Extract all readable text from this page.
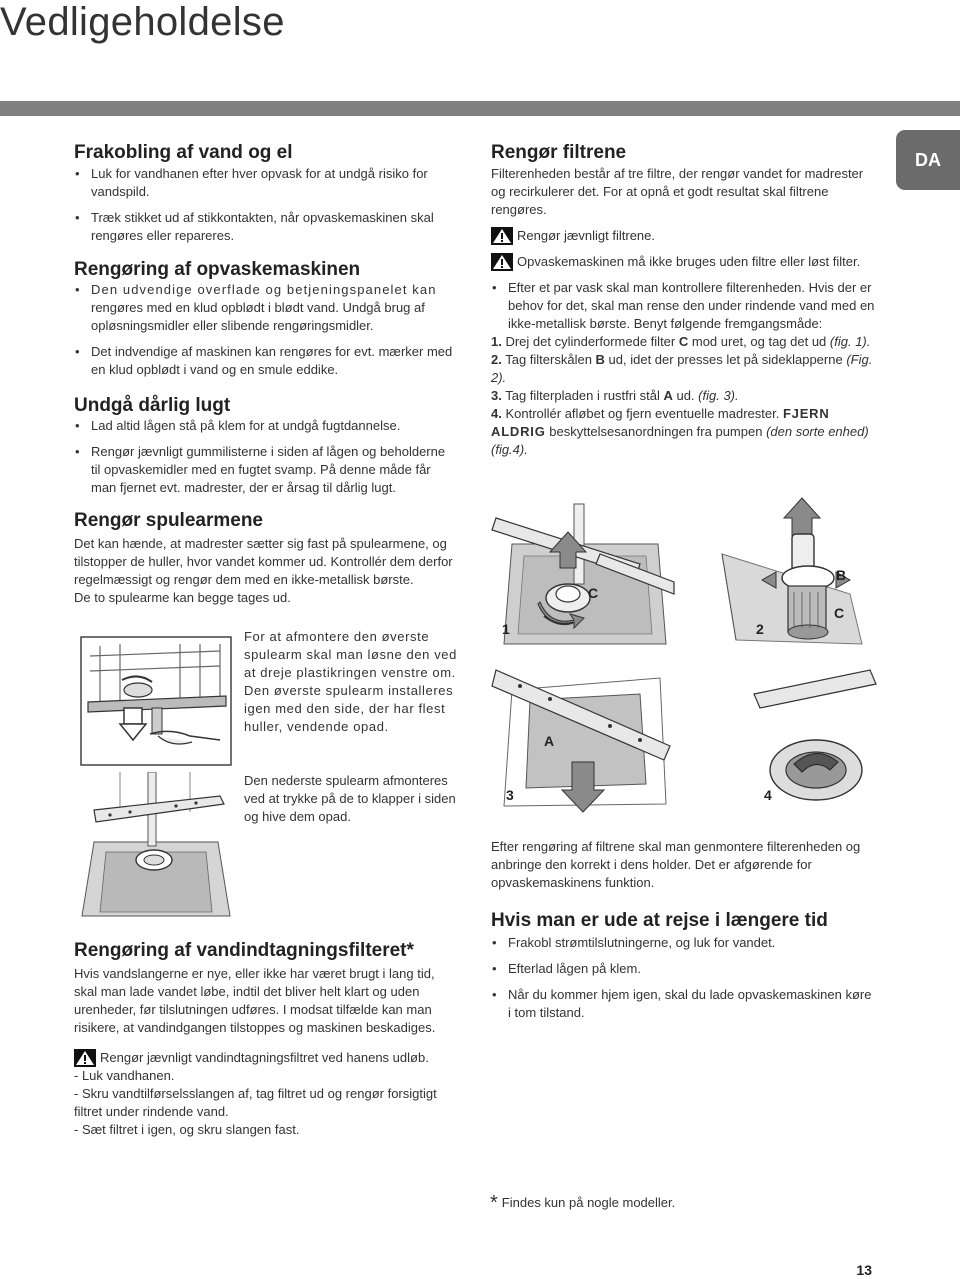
Vedligeholdelse
DA
Frakobling af vand og el
• Luk for vandhanen efter hver opvask for at undgå risiko for vandspild.
• Træk stikket ud af stikkontakten, når opvaskemaskinen skal rengøres eller repareres.
Rengøring af opvaskemaskinen
• Den udvendige overflade og betjeningspanelet kan rengøres med en klud opblødt i blødt vand. Undgå brug af opløsningsmidler eller slibende rengøringsmidler.
• Det indvendige af maskinen kan rengøres for evt. mærker med en klud opblødt i vand og en smule eddike.
Undgå dårlig lugt
• Lad altid lågen stå på klem for at undgå fugtdannelse.
• Rengør jævnligt gummilisterne i siden af lågen og beholderne til opvaskemidler med en fugtet svamp. På denne måde får man fjernet evt. madrester, der er årsag til dårlig lugt.
Rengør spulearmene

Det kan hænde, at madrester sætter sig fast på spulearmene, og tilstopper de huller, hvor vandet kommer ud. Kontrollér dem derfor regelmæssigt og rengør dem med en ikke-metallisk børste.

De to spulearme kan begge tages ud.

For at afmontere den øverste spulearm skal man løsne den ved at dreje plastikringen venstre om. Den øverste spulearm installeres igen med den side, der har flest huller, vendende opad.
Den nederste spulearm afmonteres ved at trykke på de to klapper i siden og hive dem opad.
Rengøring af vandindtagningsfilteret*

Hvis vandslangerne er nye, eller ikke har været brugt i lang tid, skal man lade vandet løbe, indtil det bliver helt klart og uden urenheder, før tilslutningen udføres. I modsat tilfælde kan man risikere, at vandindgangen tilstoppes og maskinen beskadiges.

Rengør jævnligt vandindtagningsfiltret ved hanens udløb.

- Luk vandhanen.

- Skru vandtilførselsslangen af, tag filtret ud og rengør forsigtigt filtret under rindende vand.

- Sæt filtret i igen, og skru slangen fast.

Rengør filtrene

Filterenheden består af tre filtre, der rengør vandet for madrester og recirkulerer det. For at opnå et godt resultat skal filtrene rengøres.

Rengør jævnligt filtrene.
Opvaskemaskinen må ikke bruges uden filtre eller løst filter.
• Efter et par vask skal man kontrollere filterenheden. Hvis der er behov for det, skal man rense den under rindende vand med en ikke-metallisk børste. Benyt følgende fremgangsmåde:

1. Drej det cylinderformede filter C mod uret, og tag det ud (fig. 1).

2. Tag filterskålen B ud, idet der presses let på sideklapperne (Fig. 2).

3. Tag filterpladen i rustfri stål A ud. (fig. 3).

4. Kontrollér afløbet og fjern eventuelle madrester. FJERN ALDRIG beskyttelsesanordningen fra pumpen (den sorte enhed) (fig.4).

C
1
B
C
2
A
3	4

Efter rengøring af filtrene skal man genmontere filterenheden og anbringe den korrekt i dens holder. Det er afgørende for opvaskemaskinens funktion.

Hvis man er ude at rejse i længere tid
• Frakobl strømtilslutningerne, og luk for vandet.
• Efterlad lågen på klem.
• Når du kommer hjem igen, skal du lade opvaskemaskinen køre i tom tilstand.
* Findes kun på nogle modeller.
13
